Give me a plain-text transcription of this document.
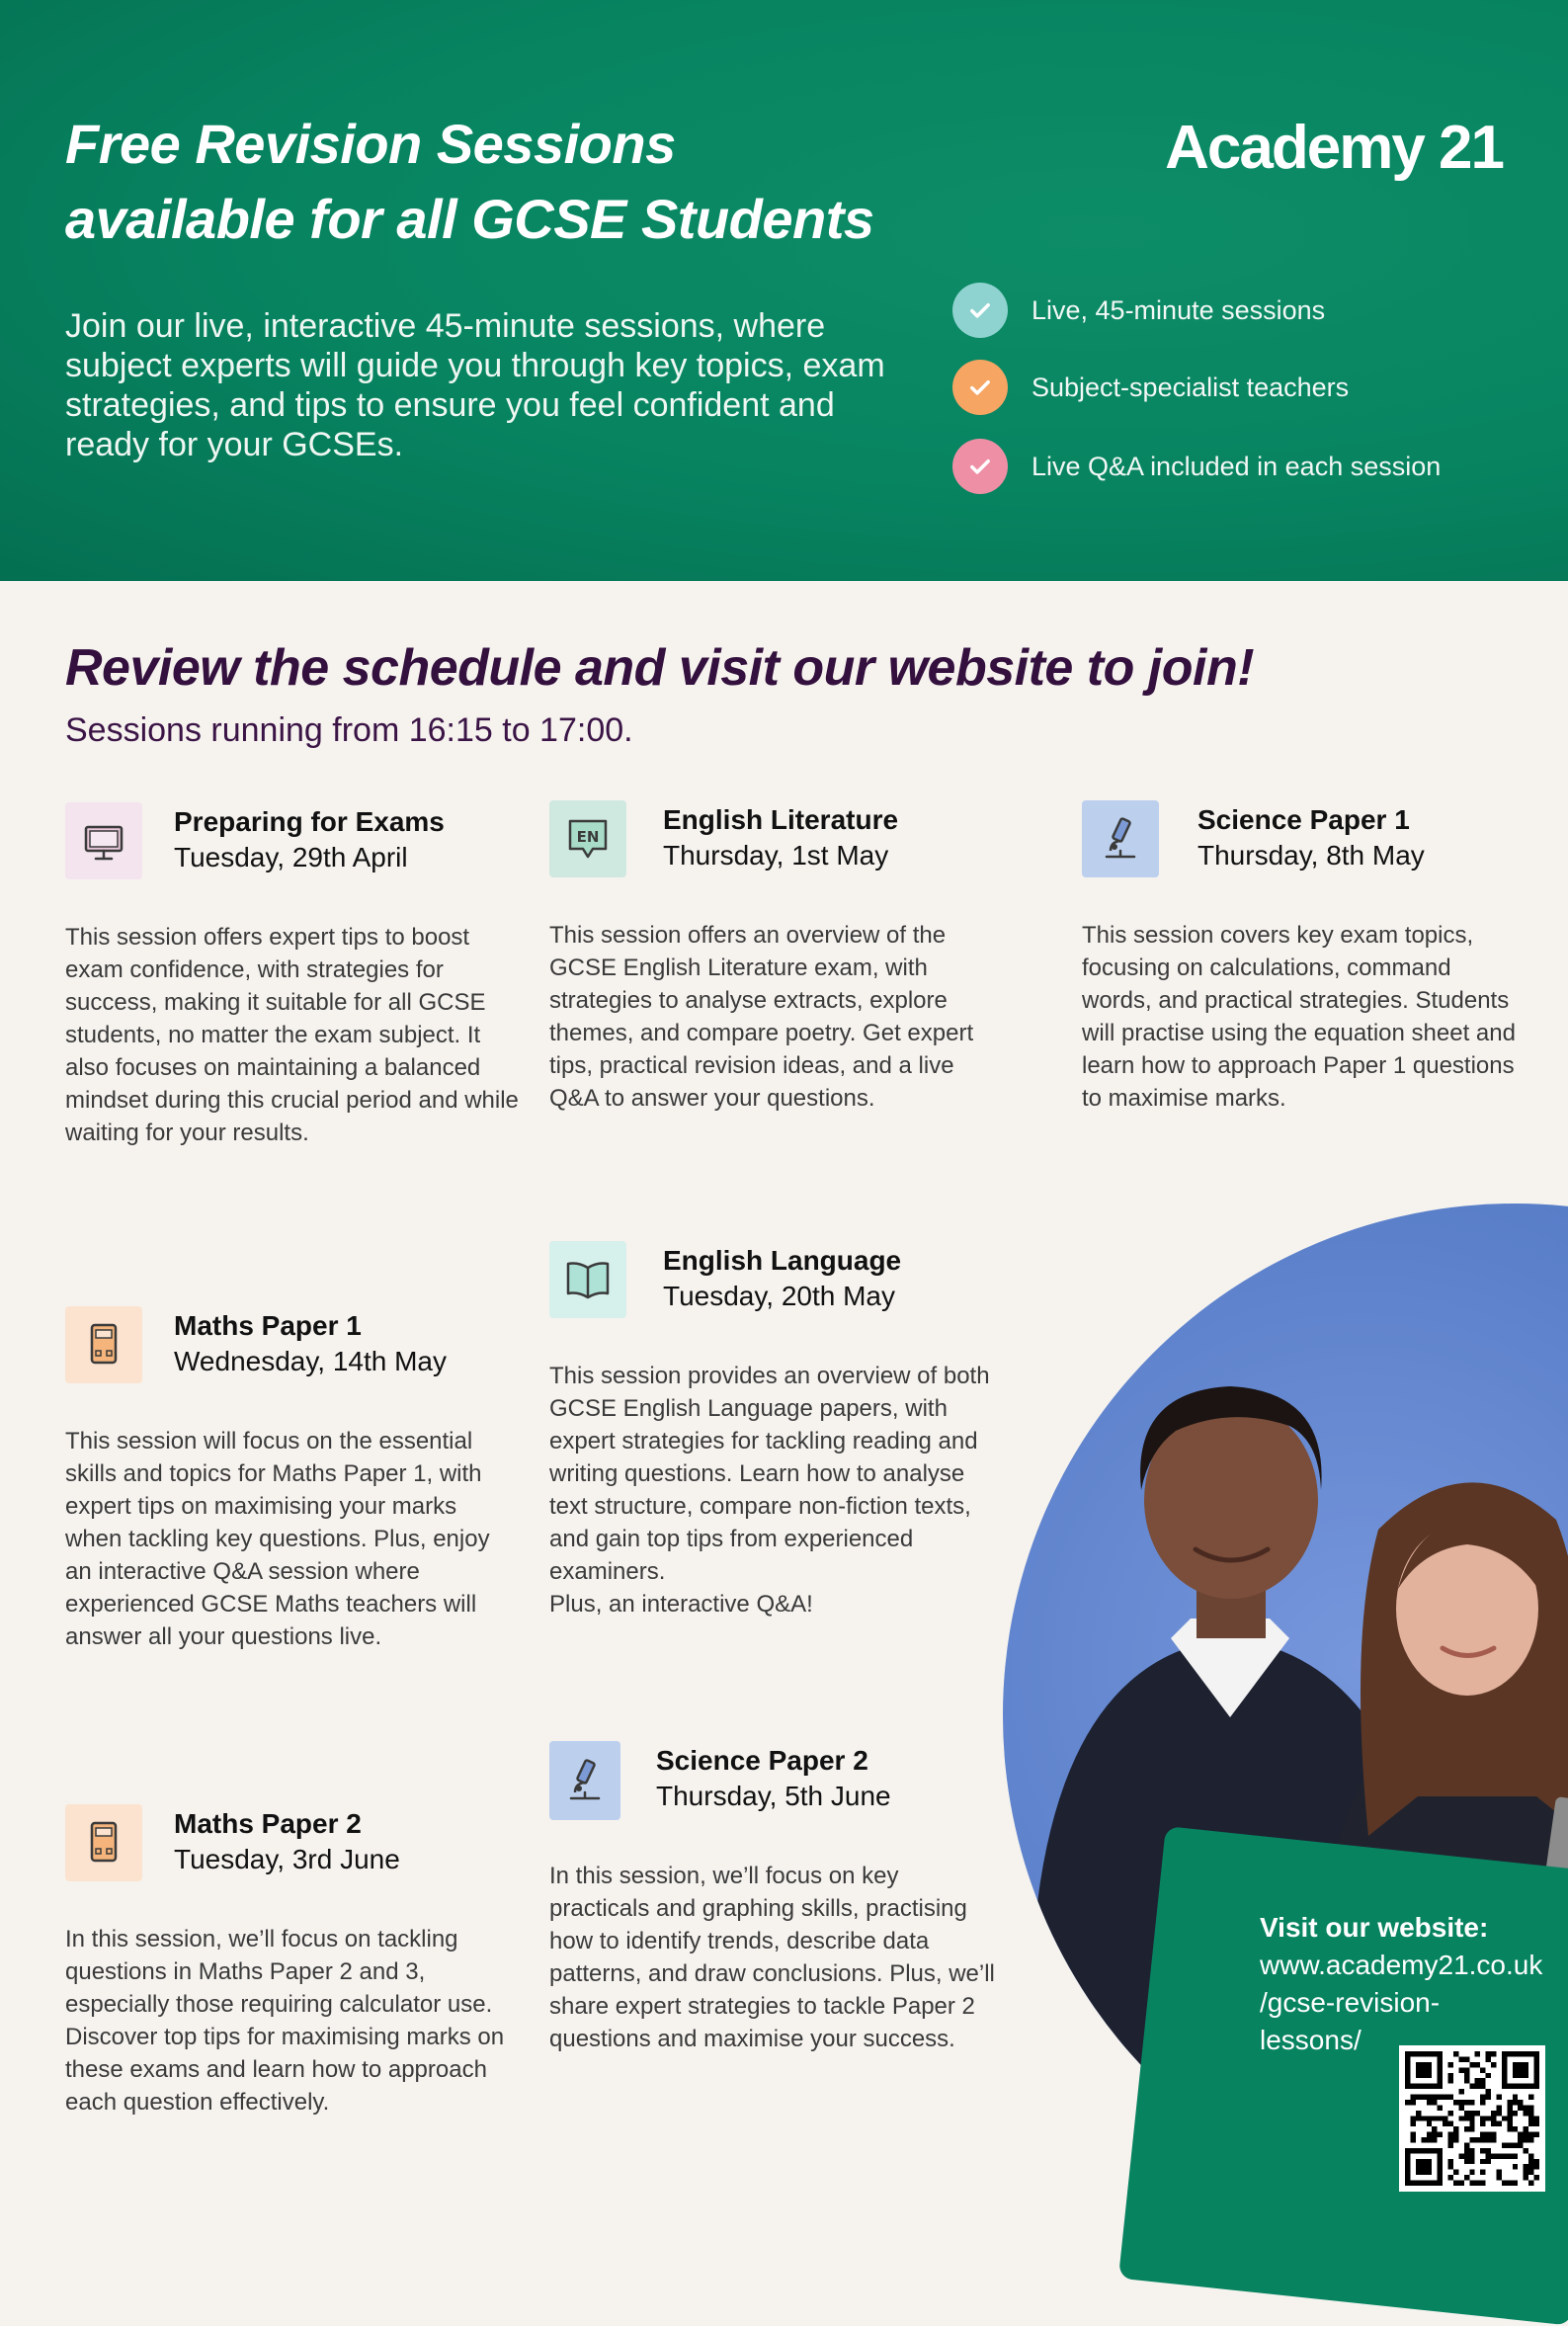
Free Revision Sessions
available for all GCSE Students
Join our live, interactive 45-minute sessions, where subject experts will guide you through key topics, exam strategies, and tips to ensure you feel confident and ready for your GCSEs.
Academy 21
Live, 45-minute sessions
Subject-specialist teachers
Live Q&A included in each session
Review the schedule and visit our website to join!
Sessions running from 16:15 to 17:00.
Visit our website:
www.academy21.co.uk
/gcse-revision-
lessons/
Preparing for Exams
Tuesday, 29th April
This session offers expert tips to boost exam confidence, with strategies for success, making it suitable for all GCSE students, no matter the exam subject. It also focuses on maintaining a balanced mindset during this crucial period and while waiting for your results.
EN
English Literature
Thursday, 1st May
This session offers an overview of the GCSE English Literature exam, with strategies to analyse extracts, explore themes, and compare poetry. Get expert tips, practical revision ideas, and a live Q&A to answer your questions.
Science Paper 1
Thursday, 8th May
This session covers key exam topics, focusing on calculations, command words, and practical strategies. Students will practise using the equation sheet and learn how to approach Paper 1 questions to maximise marks.
English Language
Tuesday, 20th May
This session provides an overview of both GCSE English Language papers, with expert strategies for tackling reading and writing questions. Learn how to analyse text structure, compare non-fiction texts, and gain top tips from experienced examiners.
Plus, an interactive Q&A!
Maths Paper 1
Wednesday, 14th May
This session will focus on the essential skills and topics for Maths Paper 1, with expert tips on maximising your marks when tackling key questions. Plus, enjoy an interactive Q&A session where experienced GCSE Maths teachers will answer all your questions live.
Science Paper 2
Thursday, 5th June
In this session, we’ll focus on key practicals and graphing skills, practising how to identify trends, describe data patterns, and draw conclusions. Plus, we’ll share expert strategies to tackle Paper 2 questions and maximise your success.
Maths Paper 2
Tuesday, 3rd June
In this session, we’ll focus on tackling questions in Maths Paper 2 and 3, especially those requiring calculator use. Discover top tips for maximising marks on these exams and learn how to approach each question effectively.
